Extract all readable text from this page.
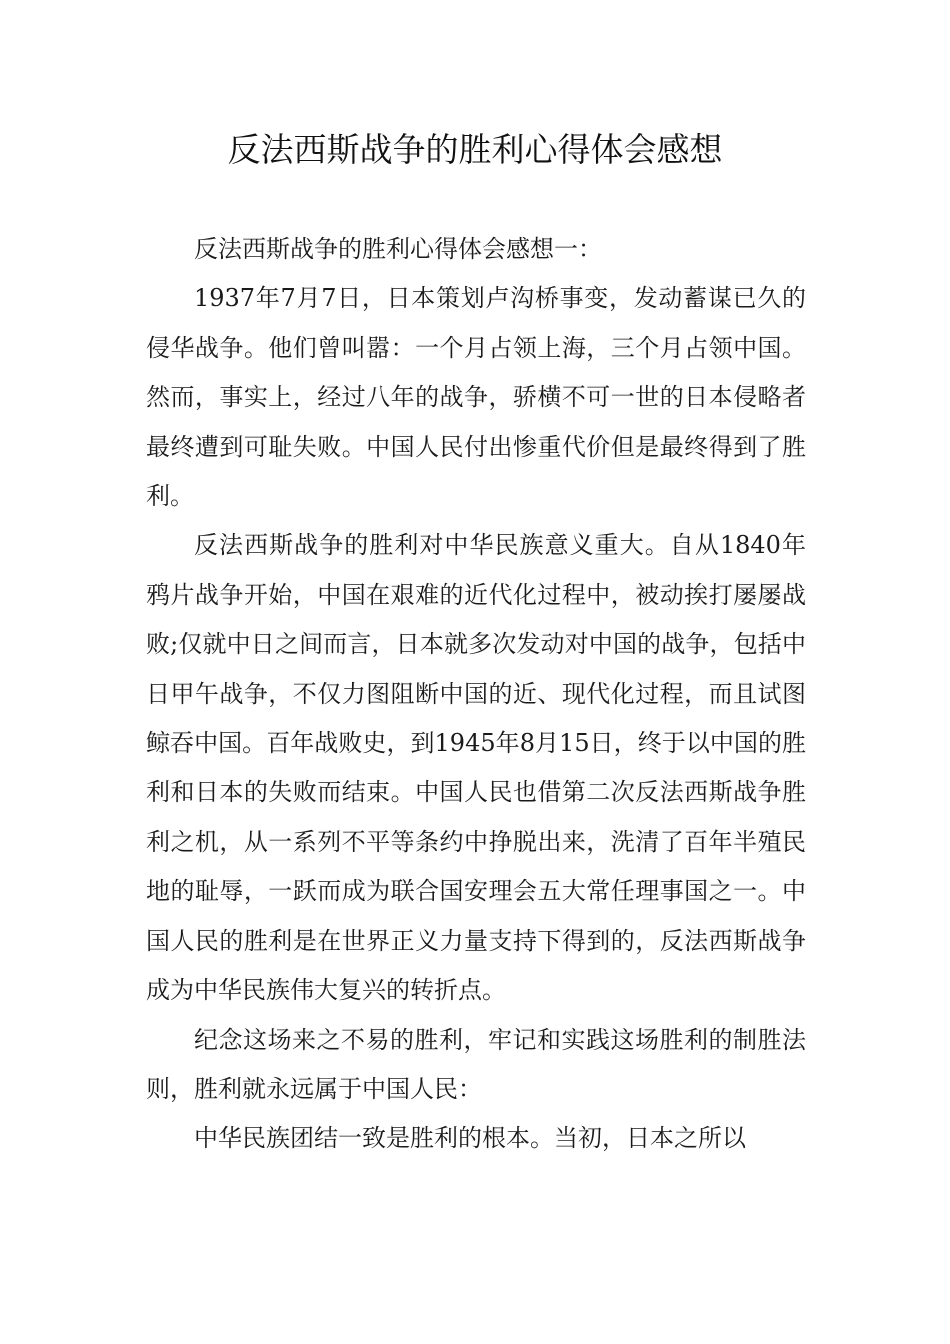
反法西斯战争的胜利心得体会感想

反法西斯战争的胜利心得体会感想一：

1937年7月7日，日本策划卢沟桥事变，发动蓄谋已久的侵华战争。他们曾叫嚣：一个月占领上海，三个月占领中国。然而，事实上，经过八年的战争，骄横不可一世的日本侵略者最终遭到可耻失败。中国人民付出惨重代价但是最终得到了胜利。

反法西斯战争的胜利对中华民族意义重大。自从1840年鸦片战争开始，中国在艰难的近代化过程中，被动挨打屡屡战败;仅就中日之间而言，日本就多次发动对中国的战争，包括中日甲午战争，不仅力图阻断中国的近、现代化过程，而且试图鲸吞中国。百年战败史，到1945年8月15日，终于以中国的胜利和日本的失败而结束。中国人民也借第二次反法西斯战争胜利之机，从一系列不平等条约中挣脱出来，洗清了百年半殖民地的耻辱，一跃而成为联合国安理会五大常任理事国之一。中国人民的胜利是在世界正义力量支持下得到的，反法西斯战争成为中华民族伟大复兴的转折点。

纪念这场来之不易的胜利，牢记和实践这场胜利的制胜法则，胜利就永远属于中国人民：

中华民族团结一致是胜利的根本。当初，日本之所以
